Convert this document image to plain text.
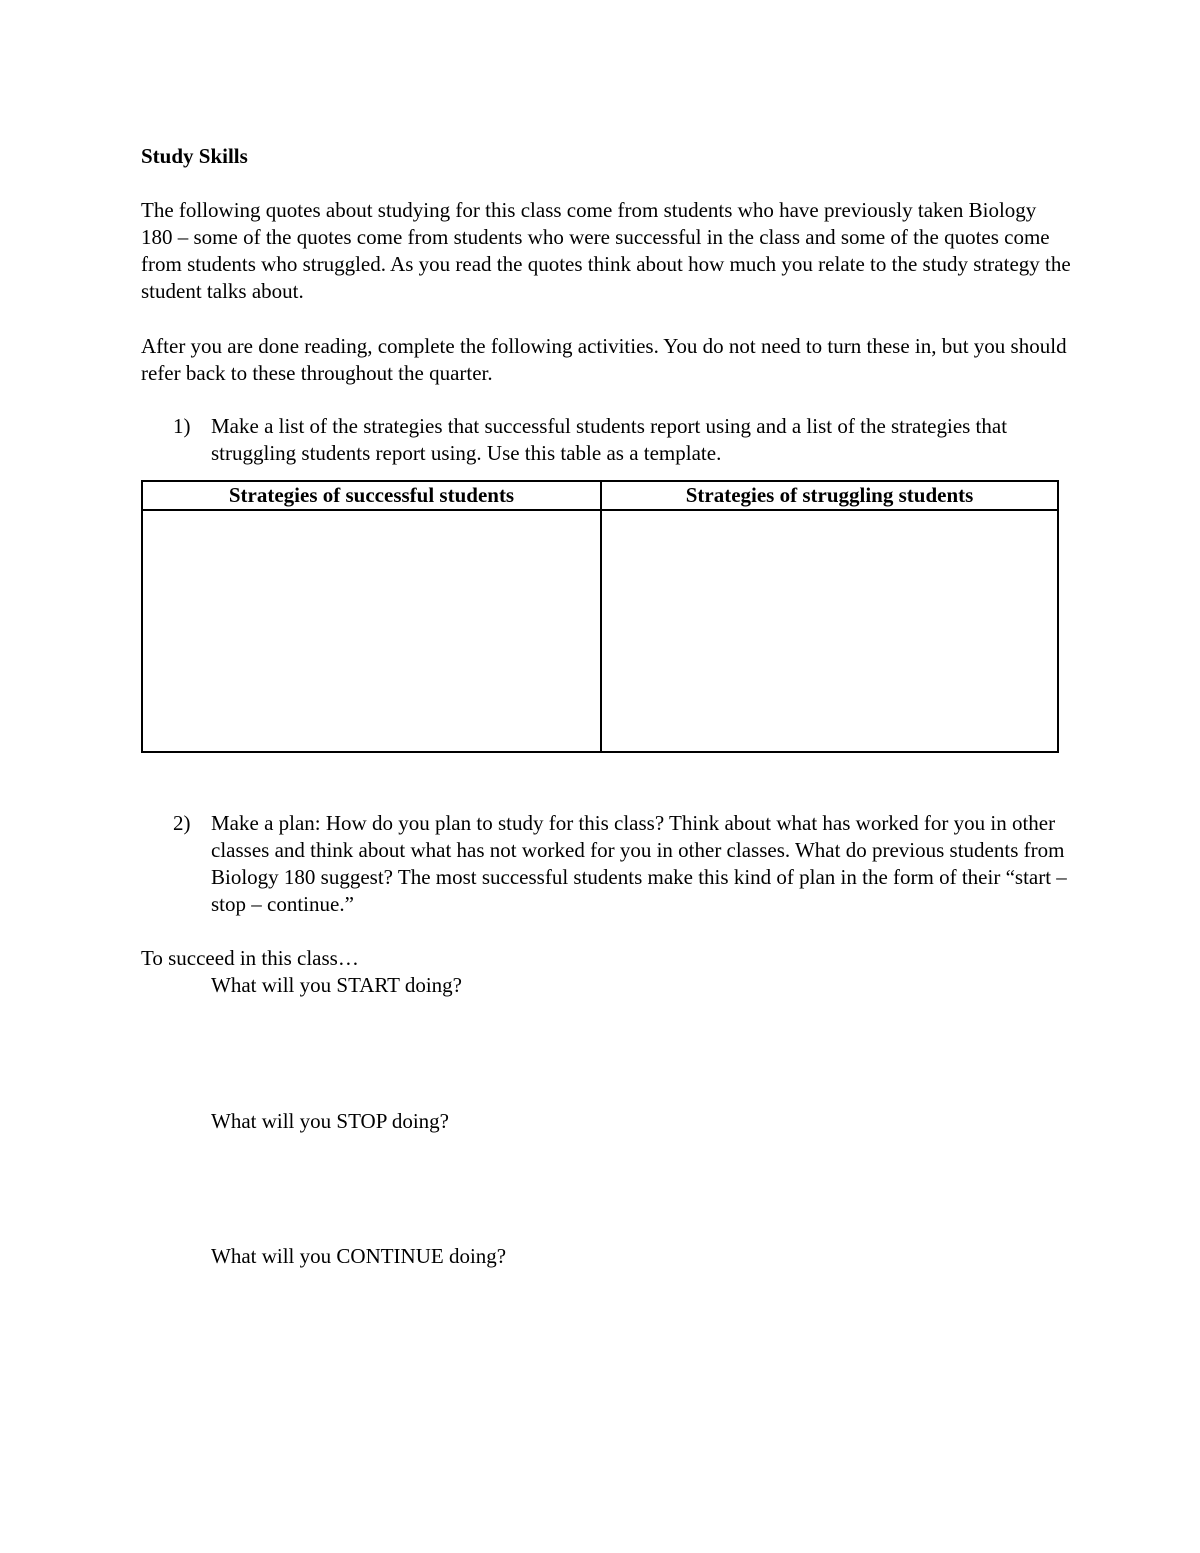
Study Skills

The following quotes about studying for this class come from students who have previously taken Biology 180 – some of the quotes come from students who were successful in the class and some of the quotes come from students who struggled. As you read the quotes think about how much you relate to the study strategy the student talks about.

After you are done reading, complete the following activities. You do not need to turn these in, but you should refer back to these throughout the quarter.

1) Make a list of the strategies that successful students report using and a list of the strategies that struggling students report using. Use this table as a template.

Strategies of successful students	Strategies of struggling students
2) Make a plan: How do you plan to study for this class? Think about what has worked for you in other classes and think about what has not worked for you in other classes. What do previous students from Biology 180 suggest? The most successful students make this kind of plan in the form of their “start – stop – continue.”

To succeed in this class…
What will you START doing?
What will you STOP doing?
What will you CONTINUE doing?
